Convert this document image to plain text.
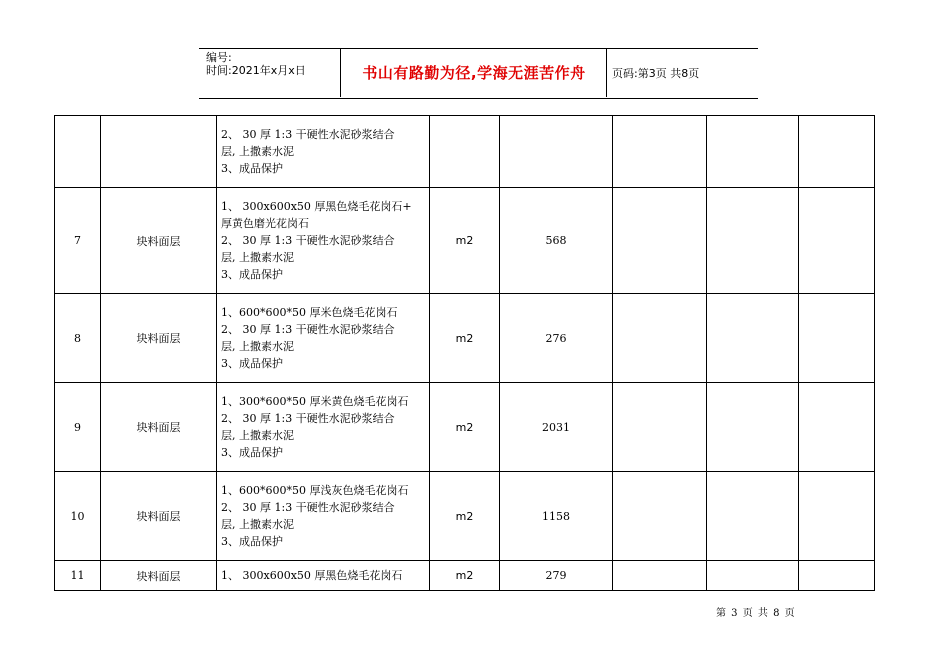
编号:
时间:2021年x月x日	书山有路勤为径,学海无涯苦作舟	页码:第3页 共8页

		2、 30 厚 1:3 干硬性水泥砂浆结合
层, 上撒素水泥
3、成品保护					

7	块料面层	1、 300x600x50 厚黑色烧毛花岗石+
厚黄色磨光花岗石
2、 30 厚 1:3 干硬性水泥砂浆结合
层, 上撒素水泥
3、成品保护	m2	568			
8	块料面层	1、600*600*50 厚米色烧毛花岗石
2、 30 厚 1:3 干硬性水泥砂浆结合
层, 上撒素水泥
3、成品保护	m2	276			
9	块料面层	1、300*600*50 厚米黄色烧毛花岗石
2、 30 厚 1:3 干硬性水泥砂浆结合
层, 上撒素水泥
3、成品保护	m2	2031			
10	块料面层	1、600*600*50 厚浅灰色烧毛花岗石
2、 30 厚 1:3 干硬性水泥砂浆结合
层, 上撒素水泥
3、成品保护	m2	1158			
11	块料面层	1、 300x600x50 厚黑色烧毛花岗石	m2	279			
第 3 页 共 8 页
